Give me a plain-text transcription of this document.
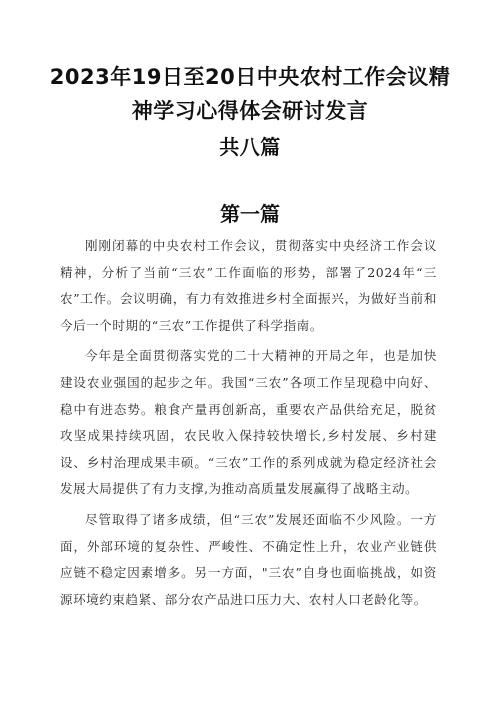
2023年19日至20日中央农村工作会议精
神学习心得体会研讨发言
共八篇
第一篇

刚刚闭幕的中央农村工作会议，贯彻落实中央经济工作会议精神，分析了当前“三农”工作面临的形势，部署了2024年“三农”工作。会议明确，有力有效推进乡村全面振兴，为做好当前和今后一个时期的“三农”工作提供了科学指南。

今年是全面贯彻落实党的二十大精神的开局之年，也是加快建设农业强国的起步之年。我国“三农”各项工作呈现稳中向好、稳中有进态势。粮食产量再创新高，重要农产品供给充足，脱贫攻坚成果持续巩固，农民收入保持较快增长,乡村发展、乡村建设、乡村治理成果丰硕。“三农”工作的系列成就为稳定经济社会发展大局提供了有力支撑,为推动高质量发展赢得了战略主动。

尽管取得了诸多成绩，但“三农”发展还面临不少风险。一方面，外部环境的复杂性、严峻性、不确定性上升，农业产业链供应链不稳定因素增多。另一方面，"三农”自身也面临挑战，如资源环境约束趋紧、部分农产品进口压力大、农村人口老龄化等。
